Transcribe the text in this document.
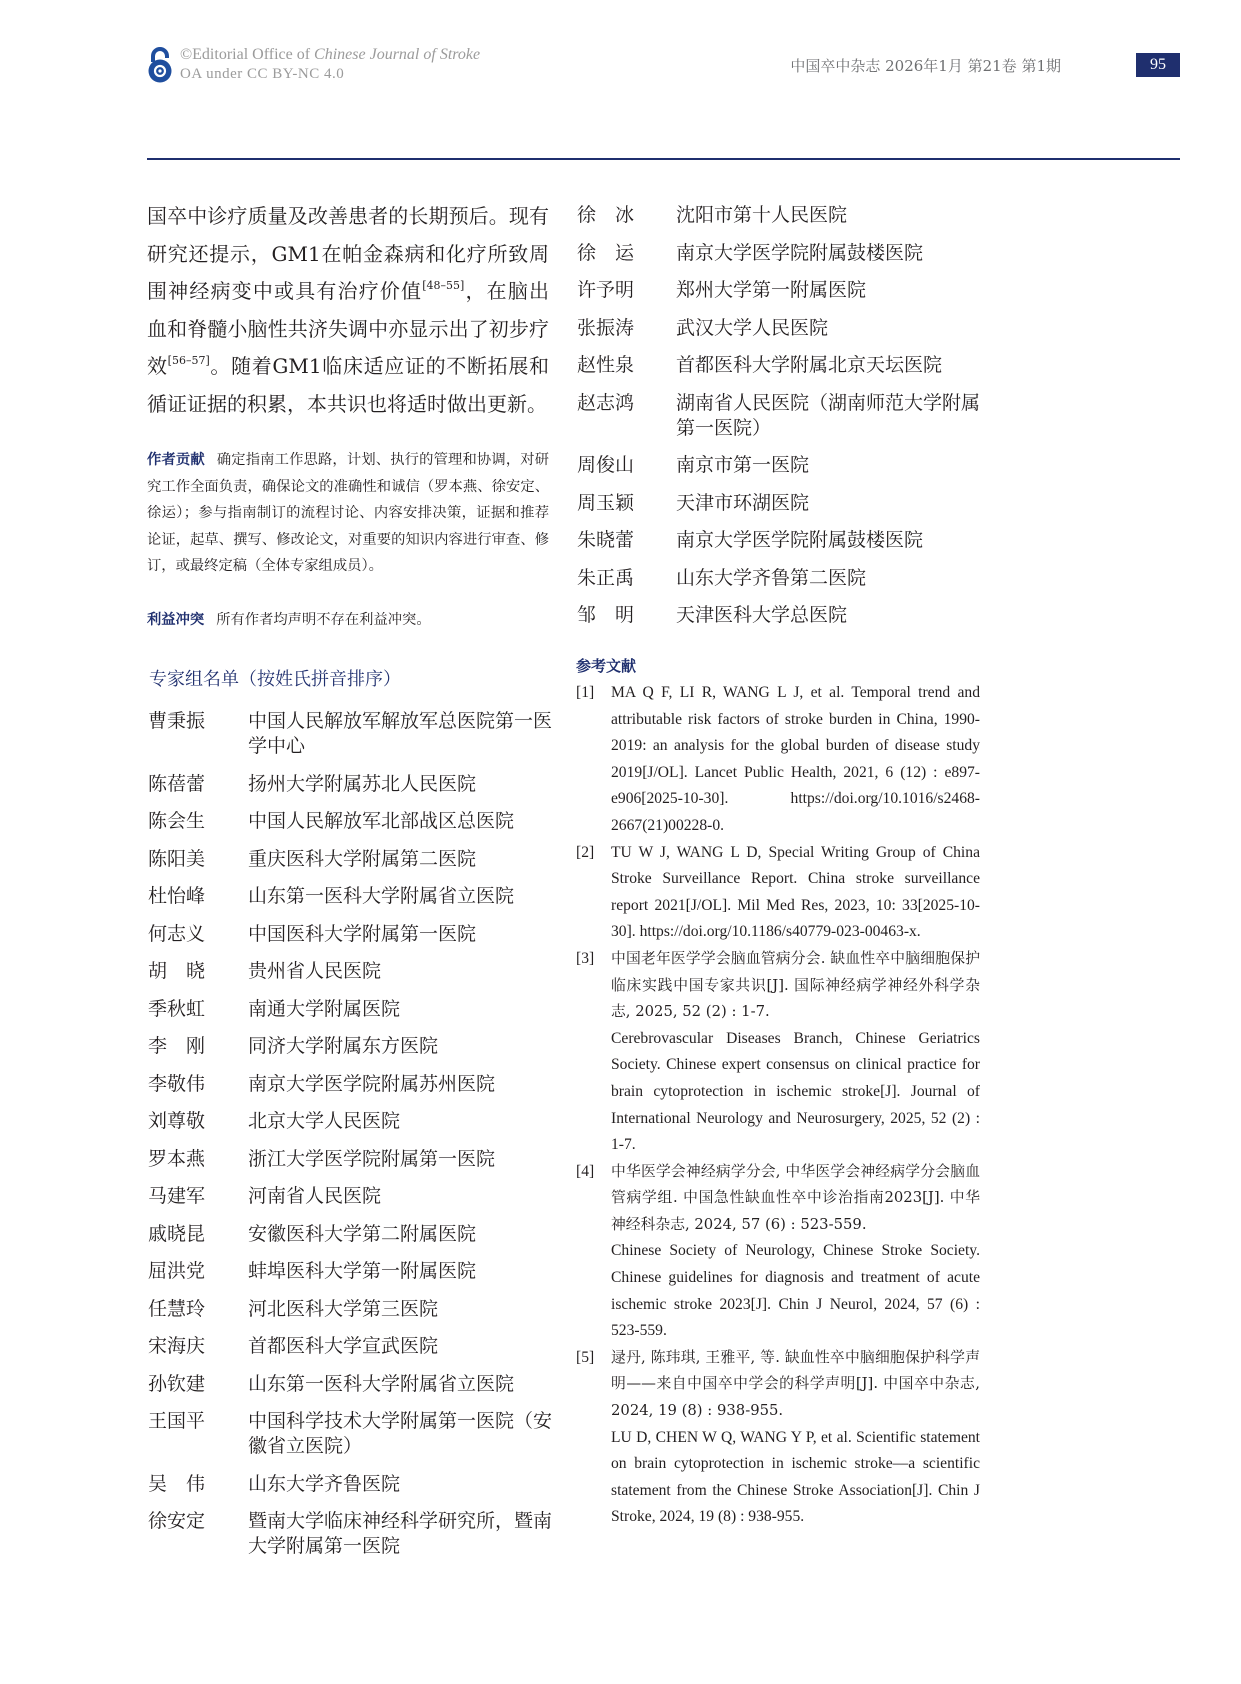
©Editorial Office of Chinese Journal of Stroke
OA under CC BY-NC 4.0	中国卒中杂志 2026年1月 第21卷 第1期	95
国卒中诊疗质量及改善患者的长期预后。现有研究还提示，GM1在帕金森病和化疗所致周围神经病变中或具有治疗价值[48–55]，在脑出血和脊髓小脑性共济失调中亦显示出了初步疗效[56–57]。随着GM1临床适应证的不断拓展和循证证据的积累，本共识也将适时做出更新。
作者贡献 确定指南工作思路，计划、执行的管理和协调，对研究工作全面负责，确保论文的准确性和诚信（罗本燕、徐安定、徐运）；参与指南制订的流程讨论、内容安排决策，证据和推荐论证，起草、撰写、修改论文，对重要的知识内容进行审查、修订，或最终定稿（全体专家组成员）。
利益冲突 所有作者均声明不存在利益冲突。
专家组名单（按姓氏拼音排序）
曹秉振	中国人民解放军解放军总医院第一医学中心
陈蓓蕾	扬州大学附属苏北人民医院
陈会生	中国人民解放军北部战区总医院
陈阳美	重庆医科大学附属第二医院
杜怡峰	山东第一医科大学附属省立医院
何志义	中国医科大学附属第一医院
胡晓	贵州省人民医院
季秋虹	南通大学附属医院
李刚	同济大学附属东方医院
李敬伟	南京大学医学院附属苏州医院
刘尊敬	北京大学人民医院
罗本燕	浙江大学医学院附属第一医院
马建军	河南省人民医院
戚晓昆	安徽医科大学第二附属医院
屈洪党	蚌埠医科大学第一附属医院
任慧玲	河北医科大学第三医院
宋海庆	首都医科大学宣武医院
孙钦建	山东第一医科大学附属省立医院
王国平	中国科学技术大学附属第一医院（安徽省立医院）
吴伟	山东大学齐鲁医院
徐安定	暨南大学临床神经科学研究所，暨南大学附属第一医院
徐冰	沈阳市第十人民医院
徐运	南京大学医学院附属鼓楼医院
许予明	郑州大学第一附属医院
张振涛	武汉大学人民医院
赵性泉	首都医科大学附属北京天坛医院
赵志鸿	湖南省人民医院（湖南师范大学附属第一医院）
周俊山	南京市第一医院
周玉颖	天津市环湖医院
朱晓蕾	南京大学医学院附属鼓楼医院
朱正禹	山东大学齐鲁第二医院
邹明	天津医科大学总医院
参考文献
[1]	MA Q F, LI R, WANG L J, et al. Temporal trend and attributable risk factors of stroke burden in China, 1990-2019: an analysis for the global burden of disease study 2019[J/OL]. Lancet Public Health, 2021, 6 (12) : e897-e906[2025-10-30]. https://doi.org/10.1016/s2468-2667(21)00228-0.
[2]	TU W J, WANG L D, Special Writing Group of China Stroke Surveillance Report. China stroke surveillance report 2021[J/OL]. Mil Med Res, 2023, 10: 33[2025-10-30]. https://doi.org/10.1186/s40779-023-00463-x.
[3]	中国老年医学学会脑血管病分会. 缺血性卒中脑细胞保护临床实践中国专家共识[J]. 国际神经病学神经外科学杂志, 2025, 52 (2) : 1-7.
Cerebrovascular Diseases Branch, Chinese Geriatrics Society. Chinese expert consensus on clinical practice for brain cytoprotection in ischemic stroke[J]. Journal of International Neurology and Neurosurgery, 2025, 52 (2) : 1-7.
[4]	中华医学会神经病学分会, 中华医学会神经病学分会脑血管病学组. 中国急性缺血性卒中诊治指南2023[J]. 中华神经科杂志, 2024, 57 (6) : 523-559.
Chinese Society of Neurology, Chinese Stroke Society. Chinese guidelines for diagnosis and treatment of acute ischemic stroke 2023[J]. Chin J Neurol, 2024, 57 (6) : 523-559.
[5]	逯丹, 陈玮琪, 王雅平, 等. 缺血性卒中脑细胞保护科学声明——来自中国卒中学会的科学声明[J]. 中国卒中杂志, 2024, 19 (8) : 938-955.
LU D, CHEN W Q, WANG Y P, et al. Scientific statement on brain cytoprotection in ischemic stroke—a scientific statement from the Chinese Stroke Association[J]. Chin J Stroke, 2024, 19 (8) : 938-955.
